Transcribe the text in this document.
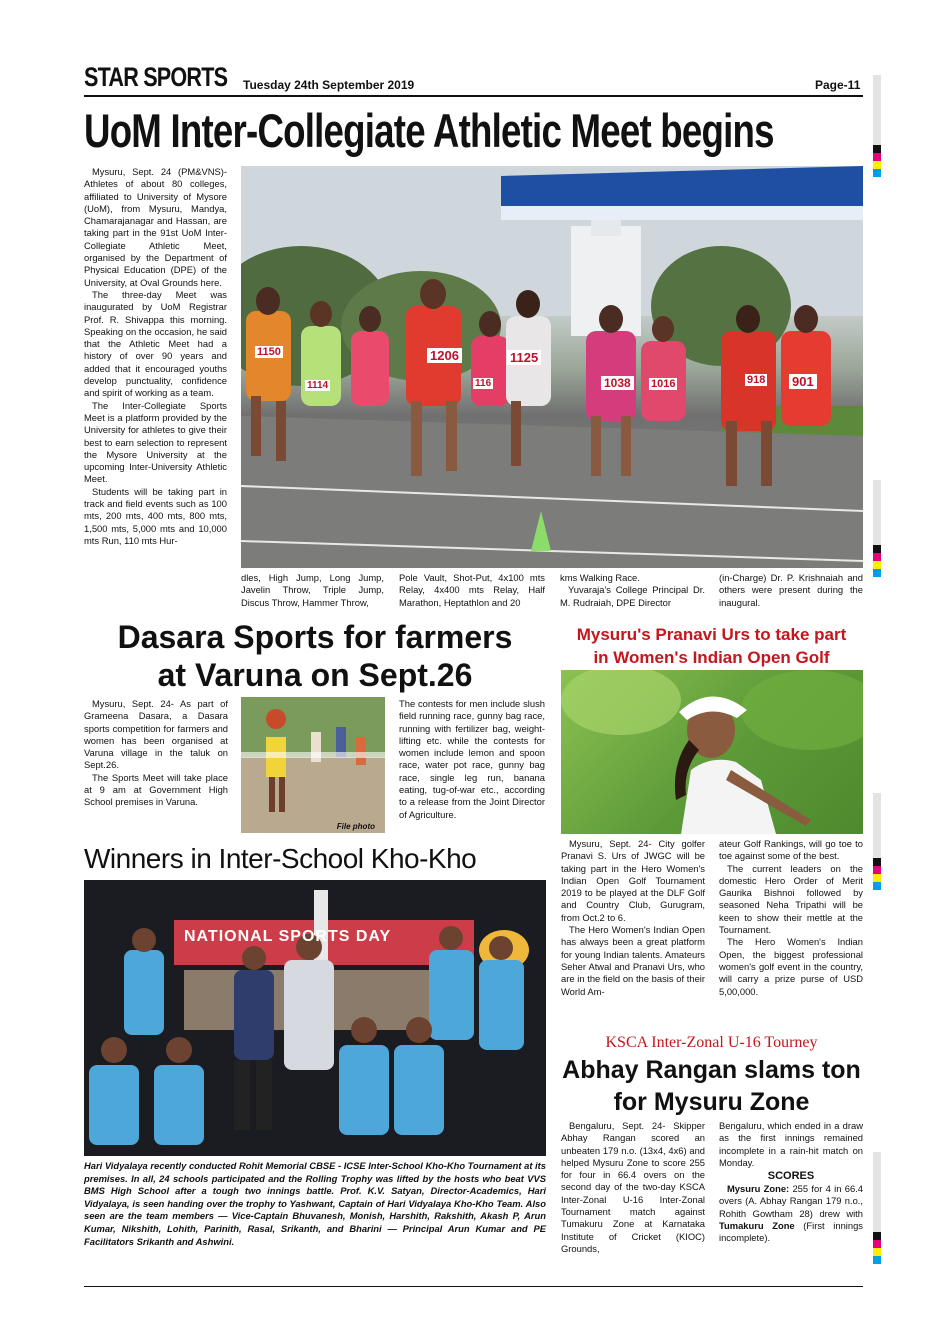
STAR SPORTS Tuesday 24th September 2019	Page-11
UoM Inter-Collegiate Athletic Meet begins

Mysuru, Sept. 24 (PM&VNS)- Athletes of about 80 colleges, affiliated to University of Mysore (UoM), from Mysuru, Mandya, Chamarajanagar and Hassan, are taking part in the 91st UoM Inter-Collegiate Athletic Meet, organised by the Department of Physical Education (DPE) of the University, at Oval Grounds here.

The three-day Meet was inaugurated by UoM Registrar Prof. R. Shivappa this morning. Speaking on the occasion, he said that the Athletic Meet had a history of over 90 years and added that it encouraged youths develop punctuality, confidence and spirit of working as a team.

The Inter-Collegiate Sports Meet is a platform provided by the University for athletes to give their best to earn selection to represent the Mysore University at the upcoming Inter-University Athletic Meet.

Students will be taking part in track and field events such as 100 mts, 200 mts, 400 mts, 800 mts, 1,500 mts, 5,000 mts and 10,000 mts Run, 110 mts Hur-

1150
1114
1206
116
1125
1038 1016	918 901

dles, High Jump, Long Jump, Javelin Throw, Triple Jump, Discus Throw, Hammer Throw,

Pole Vault, Shot-Put, 4x100 mts Relay, 4x400 mts Relay, Half Marathon, Heptathlon and 20

kms Walking Race.

Yuvaraja's College Principal Dr. M. Rudraiah, DPE Director

(in-Charge) Dr. P. Krishnaiah and others were present during the inaugural.

Dasara Sports for farmers
at Varuna on Sept.26

Mysuru, Sept. 24- As part of Grameena Dasara, a Dasara sports competition for farmers and women has been organised at Varuna village in the taluk on Sept.26.

The Sports Meet will take place at 9 am at Government High School premises in Varuna.

File photo

The contests for men include slush field running race, gunny bag race, running with fertilizer bag, weight-lifting etc. while the contests for women include lemon and spoon race, water pot race, gunny bag race, single leg run, banana eating, tug-of-war etc., according to a release from the Joint Director of Agriculture.

Winners in Inter-School Kho-Kho
NATIONAL SPORTS DAY
Hari Vidyalaya recently conducted Rohit Memorial CBSE - ICSE Inter-School Kho-Kho Tournament at its premises. In all, 24 schools participated and the Rolling Trophy was lifted by the hosts who beat VVS BMS High School after a tough two innings battle. Prof. K.V. Satyan, Director-Academics, Hari Vidyalaya, is seen handing over the trophy to Yashwant, Captain of Hari Vidyalaya Kho-Kho Team. Also seen are the team members — Vice-Captain Bhuvanesh, Monish, Harshith, Rakshith, Akash P, Arun Kumar, Nikshith, Lohith, Parinith, Rasal, Srikanth, and Bharini — Principal Arun Kumar and PE Facilitators Srikanth and Ashwini.
Mysuru's Pranavi Urs to take part
in Women's Indian Open Golf

Mysuru, Sept. 24- City golfer Pranavi S. Urs of JWGC will be taking part in the Hero Women's Indian Open Golf Tournament 2019 to be played at the DLF Golf and Country Club, Gurugram, from Oct.2 to 6.

The Hero Women's Indian Open has always been a great platform for young Indian talents. Amateurs Seher Atwal and Pranavi Urs, who are in the field on the basis of their World Am-

ateur Golf Rankings, will go toe to toe against some of the best.

The current leaders on the domestic Hero Order of Merit Gaurika Bishnoi followed by seasoned Neha Tripathi will be keen to show their mettle at the Tournament.

The Hero Women's Indian Open, the biggest professional women's golf event in the country, will carry a prize purse of USD 5,00,000.

KSCA Inter-Zonal U-16 Tourney
Abhay Rangan slams ton
for Mysuru Zone

Bengaluru, Sept. 24- Skipper Abhay Rangan scored an unbeaten 179 n.o. (13x4, 4x6) and helped Mysuru Zone to score 255 for four in 66.4 overs on the second day of the two-day KSCA Inter-Zonal U-16 Inter-Zonal Tournament match against Tumakuru Zone at Karnataka Institute of Cricket (KIOC) Grounds,

Bengaluru, which ended in a draw as the first innings remained incomplete in a rain-hit match on Monday.

SCORES

Mysuru Zone: 255 for 4 in 66.4 overs (A. Abhay Rangan 179 n.o., Rohith Gowtham 28) drew with Tumakuru Zone (First innings incomplete).
